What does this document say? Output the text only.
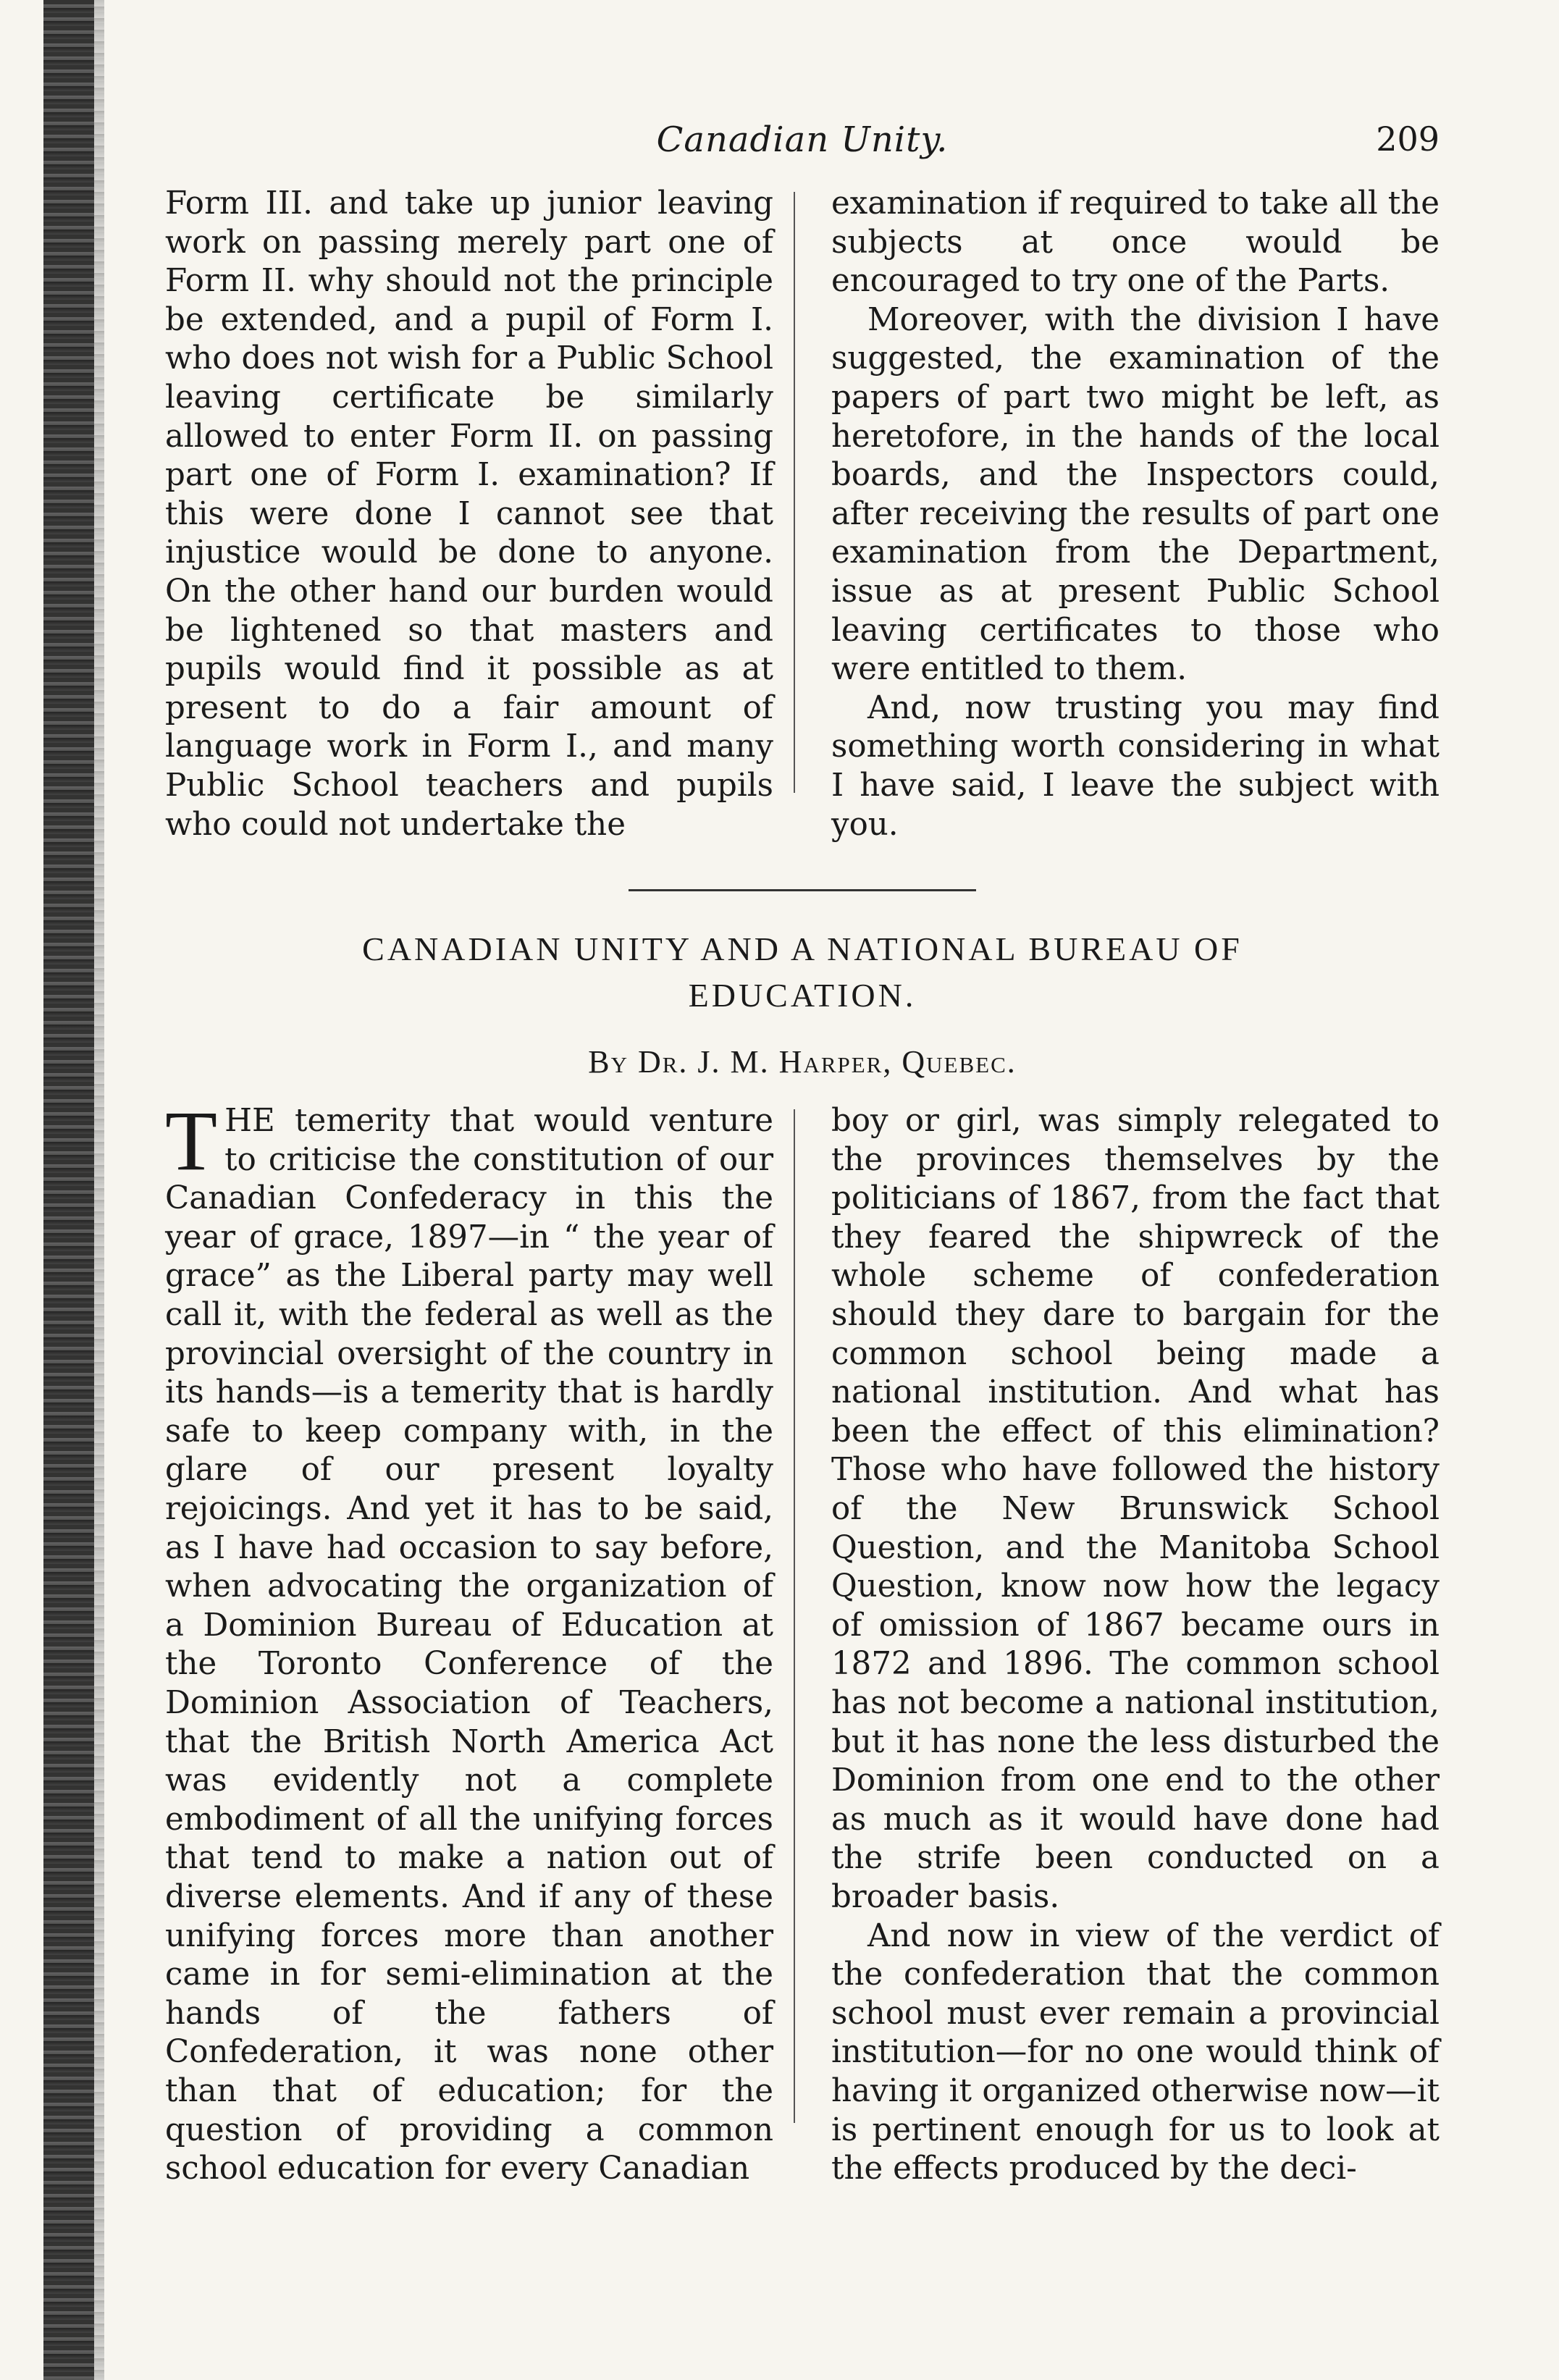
Canadian Unity.	209

Form III. and take up junior leaving work on passing merely part one of Form II. why should not the principle be extended, and a pupil of Form I. who does not wish for a Public School leaving certificate be similarly allowed to enter Form II. on passing part one of Form I. examination? If this were done I cannot see that injustice would be done to anyone. On the other hand our burden would be lightened so that masters and pupils would find it possible as at present to do a fair amount of language work in Form I., and many Public School teachers and pupils who could not undertake the

examination if required to take all the subjects at once would be encouraged to try one of the Parts.

Moreover, with the division I have suggested, the examination of the papers of part two might be left, as heretofore, in the hands of the local boards, and the Inspectors could, after receiving the results of part one examination from the Department, issue as at present Public School leaving certificates to those who were entitled to them.

And, now trusting you may find something worth considering in what I have said, I leave the subject with you.

CANADIAN UNITY AND A NATIONAL BUREAU OF
EDUCATION.
By Dr. J. M. Harper, Quebec.

THE temerity that would venture to criticise the constitution of our Canadian Confederacy in this the year of grace, 1897—in “ the year of grace” as the Liberal party may well call it, with the federal as well as the provincial oversight of the country in its hands—is a temerity that is hardly safe to keep company with, in the glare of our present loyalty rejoicings. And yet it has to be said, as I have had occasion to say before, when advocating the organization of a Dominion Bureau of Education at the Toronto Conference of the Dominion Association of Teachers, that the British North America Act was evidently not a complete embodiment of all the unifying forces that tend to make a nation out of diverse elements. And if any of these unifying forces more than another came in for semi-elimination at the hands of the fathers of Confederation, it was none other than that of education; for the question of providing a common school education for every Canadian

boy or girl, was simply relegated to the provinces themselves by the politicians of 1867, from the fact that they feared the shipwreck of the whole scheme of confederation should they dare to bargain for the common school being made a national institution. And what has been the effect of this elimination? Those who have followed the history of the New Brunswick School Question, and the Manitoba School Question, know now how the legacy of omission of 1867 became ours in 1872 and 1896. The common school has not become a national institution, but it has none the less disturbed the Dominion from one end to the other as much as it would have done had the strife been conducted on a broader basis.

And now in view of the verdict of the confederation that the common school must ever remain a provincial institution—for no one would think of having it organized otherwise now—it is pertinent enough for us to look at the effects produced by the deci-
